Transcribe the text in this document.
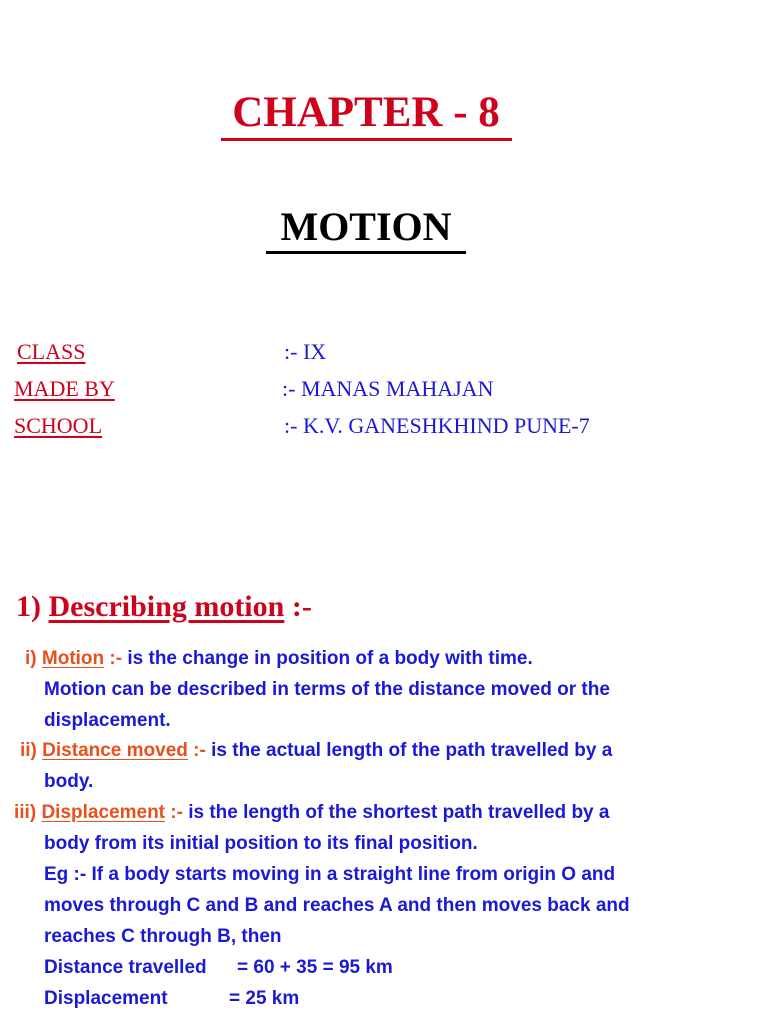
CHAPTER - 8
MOTION
CLASS	:- IX
MADE BY	:- MANAS MAHAJAN
SCHOOL	:- K.V. GANESHKHIND PUNE-7
1) Describing motion :-
i) Motion :- is the change in position of a body with time.
Motion can be described in terms of the distance moved or the
displacement.
ii) Distance moved :- is the actual length of the path travelled by a
body.
iii) Displacement :- is the length of the shortest path travelled by a
body from its initial position to its final position.
Eg :- If a body starts moving in a straight line from origin O and
moves through C and B and reaches A and then moves back and
reaches C through B, then
Distance travelled = 60 + 35 = 95 km
Displacement	= 25 km
